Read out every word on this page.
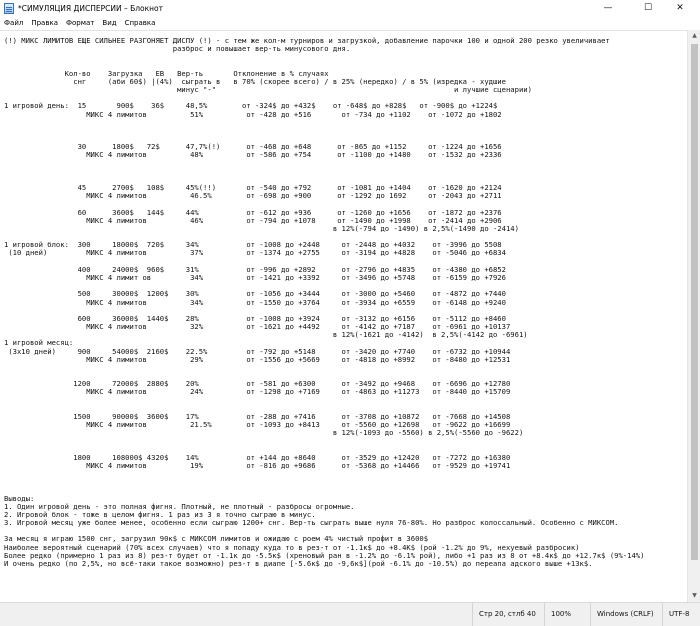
*СИМУЛЯЦИЯ ДИСПЕРСИИ – Блокнот	—	☐	✕
Файл Правка Формат Вид Справка
(!) МИКС ЛИМИТОВ ЕЩЕ СИЛЬНЕЕ РАЗГОНЯЕТ ДИСПУ (!) - с тем же кол-м турниров и загрузкой, добавление парочки 100 и одной 200 резко увеличивает
разброс и повышает вер-ть минусового дня.
Кол-во    Загрузка   EB   Вер-ть       Отклонение в % случаях
снг     (аби 60$) |(4%)  сыграть в   в 70% (скорее всего) / в 25% (нередко) / в 5% (изредка - худшие
минус "-"                                                       и лучшие сценарии)
1 игровой день:  15       900$    36$     48,5%        от -324$ до +432$    от -648$ до +828$   от -900$ до +1224$
МИКС 4 лимитов          51%          от -428 до +516       от -734 до +1102    от -1072 до +1802
30      1800$   72$      47,7%(!)      от -468 до +648      от -865 до +1152     от -1224 до +1656
МИКС 4 лимитов          48%          от -586 до +754      от -1100 до +1480    от -1532 до +2336
45      2700$   108$     45%(!!)       от -540 до +792      от -1081 до +1404    от -1620 до +2124
МИКС 4 лимитов          46.5%        от -698 до +900      от -1292 до 1692     от -2043 до +2711
60      3600$   144$     44%           от -612 до +936      от -1260 до +1656    от -1872 до +2376
МИКС 4 лимитов          46%          от -794 до +1078     от -1490 до +1998    от -2414 до +2906
в 12%(-794 до -1490) в 2,5%(-1490 до -2414)
1 игровой блок:  300     18000$  720$     34%           от -1008 до +2448     от -2448 до +4032    от -3996 до 5508
(10 дней)         МИКС 4 лимитов          37%          от -1374 до +2755     от -3194 до +4828    от -5046 до +6834
400     24000$  960$     31%           от -996 до +2892      от -2796 до +4835    от -4380 до +6852
МИКС 4 лимит ов         34%          от -1421 до +3392     от -3496 до +5748    от -6159 до +7926
500     30000$  1200$    30%           от -1056 до +3444     от -3000 до +5460    от -4872 до +7440
МИКС 4 лимитов          34%          от -1550 до +3764     от -3934 до +6559    от -6148 до +9240
600     36000$  1440$    28%           от -1008 до +3924     от -3132 до +6156    от -5112 до +8460
МИКС 4 лимитов          32%          от -1621 до +4492     от -4142 до +7187    от -6961 до +10137
в 12%(-1621 до -4142)  в 2,5%(-4142 до -6961)
1 игровой месяц:
(3х10 дней)     900     54000$  2160$    22.5%         от -792 до +5148      от -3420 до +7740    от -6732 до +10944
МИКС 4 лимитов          29%          от -1556 до +5669     от -4818 до +8992    от -8480 до +12531
1200     72000$  2880$    20%           от -581 до +6300      от -3492 до +9468    от -6696 до +12780
МИКС 4 лимитов          24%          от -1298 до +7169     от -4863 до +11273   от -8440 до +15709
1500     90000$  3600$    17%           от -288 до +7416      от -3708 до +10872   от -7668 до +14508
МИКС 4 лимитов          21.5%        от -1093 до +8413     от -5560 до +12698   от -9622 до +16699
в 12%(-1093 до -5560) в 2,5%(-5560 до -9622)
1800     108000$ 4320$    14%           от +144 до +8640      от -3529 до +12420   от -7272 до +16380
МИКС 4 лимитов          19%          от -816 до +9686      от -5368 до +14466   от -9529 до +19741
Выводы:
1. Один игровой день - это полная фигня. Плотный, не плотный - разбросы огромные.
2. Игровой блок - тоже в целом фигня. 1 раз из 3 я точно сыграю в минус.
3. Игровой месяц уже более менее, особенно если сыграю 1200+ снг. Вер-ть сыграть выше нуля 76-80%. Но разброс колоссальный. Особенно с МИКСОМ.
За месяц я играю 1500 снг, загрузил 90к$ с МИКСОМ лимитов и ожидаю с роем 4% чистый профит в 3600$
Наиболее вероятный сценарий (70% всех случаев) что я попаду куда то в рез-т от -1.1к$ до +8.4К$ (рой -1.2% до 9%, нехуевый разбросик)
Более редко (примерно 1 раз из 8) рез-т будет от -1.1к до -5.5к$ (хреновый ран в -1.2% до -6.1% рой), либо +1 раз из 8 от +8.4к$ до +12.7к$ (9%-14%)
И очень редко (по 2,5%, но всё-таки такое возможно) рез-т в диапе [-5.6к$ до -9,6к$](рой -6.1% до -10.5%) до переапа адского выше +13к$.
▲
▼
Стр 20, стлб 40	100%	Windows (CRLF)	UTF-8
